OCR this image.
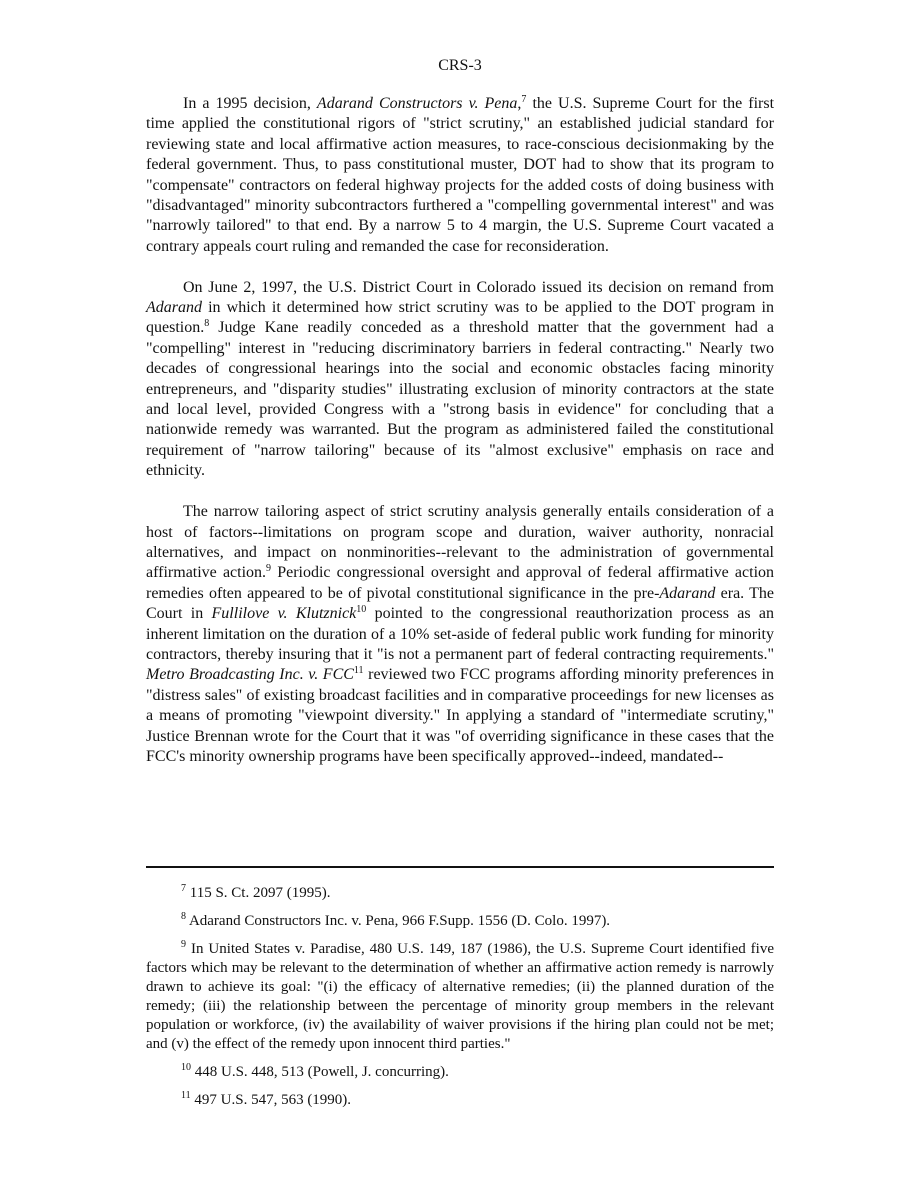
CRS-3

In a 1995 decision, Adarand Constructors v. Pena,$^7$ the U.S. Supreme Court for the first time applied the constitutional rigors of "strict scrutiny," an established judicial standard for reviewing state and local affirmative action measures, to race-conscious decisionmaking by the federal government. Thus, to pass constitutional muster, DOT had to show that its program to "compensate" contractors on federal highway projects for the added costs of doing business with "disadvantaged" minority subcontractors furthered a "compelling governmental interest" and was "narrowly tailored" to that end. By a narrow 5 to 4 margin, the U.S. Supreme Court vacated a contrary appeals court ruling and remanded the case for reconsideration.

On June 2, 1997, the U.S. District Court in Colorado issued its decision on remand from Adarand in which it determined how strict scrutiny was to be applied to the DOT program in question.$^8$ Judge Kane readily conceded as a threshold matter that the government had a "compelling" interest in "reducing discriminatory barriers in federal contracting." Nearly two decades of congressional hearings into the social and economic obstacles facing minority entrepreneurs, and "disparity studies" illustrating exclusion of minority contractors at the state and local level, provided Congress with a "strong basis in evidence" for concluding that a nationwide remedy was warranted. But the program as administered failed the constitutional requirement of "narrow tailoring" because of its "almost exclusive" emphasis on race and ethnicity.

The narrow tailoring aspect of strict scrutiny analysis generally entails consideration of a host of factors--limitations on program scope and duration, waiver authority, nonracial alternatives, and impact on nonminorities--relevant to the administration of governmental affirmative action.$^9$ Periodic congressional oversight and approval of federal affirmative action remedies often appeared to be of pivotal constitutional significance in the pre-Adarand era. The Court in Fullilove v. Klutznick$^{10}$ pointed to the congressional reauthorization process as an inherent limitation on the duration of a 10% set-aside of federal public work funding for minority contractors, thereby insuring that it "is not a permanent part of federal contracting requirements." Metro Broadcasting Inc. v. FCC$^{11}$ reviewed two FCC programs affording minority preferences in "distress sales" of existing broadcast facilities and in comparative proceedings for new licenses as a means of promoting "viewpoint diversity." In applying a standard of "intermediate scrutiny," Justice Brennan wrote for the Court that it was "of overriding significance in these cases that the FCC's minority ownership programs have been specifically approved--indeed, mandated--

$^7$ 115 S. Ct. 2097 (1995).

$^8$ Adarand Constructors Inc. v. Pena, 966 F.Supp. 1556 (D. Colo. 1997).

$^9$ In United States v. Paradise, 480 U.S. 149, 187 (1986), the U.S. Supreme Court identified five factors which may be relevant to the determination of whether an affirmative action remedy is narrowly drawn to achieve its goal: "(i) the efficacy of alternative remedies; (ii) the planned duration of the remedy; (iii) the relationship between the percentage of minority group members in the relevant population or workforce, (iv) the availability of waiver provisions if the hiring plan could not be met; and (v) the effect of the remedy upon innocent third parties."

$^{10}$ 448 U.S. 448, 513 (Powell, J. concurring).

$^{11}$ 497 U.S. 547, 563 (1990).
